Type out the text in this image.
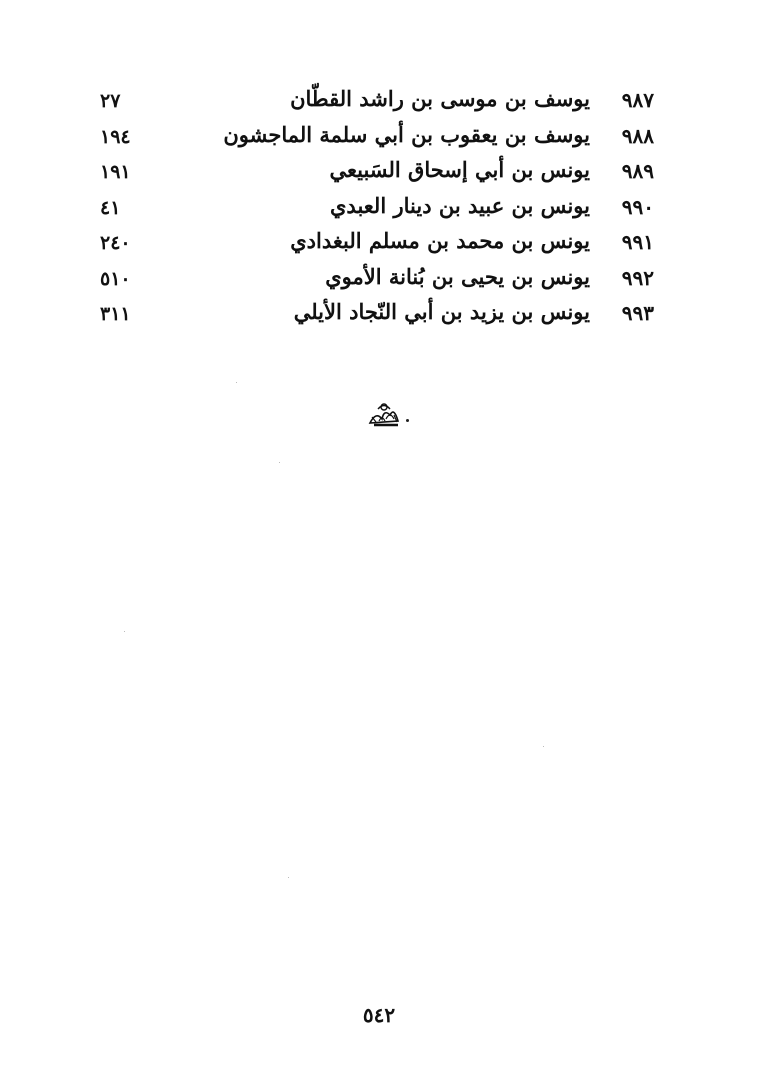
٩٨٧
يوسف بن موسى بن راشد القطّان
٢٧
٩٨٨
يوسف بن يعقوب بن أبي سلمة الماجشون
١٩٤
٩٨٩
يونس بن أبي إسحاق السَبيعي
١٩١
٩٩٠
يونس بن عبيد بن دينار العبدي
٤١
٩٩١
يونس بن محمد بن مسلم البغدادي
٢٤٠
٩٩٢
يونس بن يحيى بن بُنانة الأموي
٥١٠
٩٩٣
يونس بن يزيد بن أبي النّجاد الأيلي
٣١١
٥٤٢
